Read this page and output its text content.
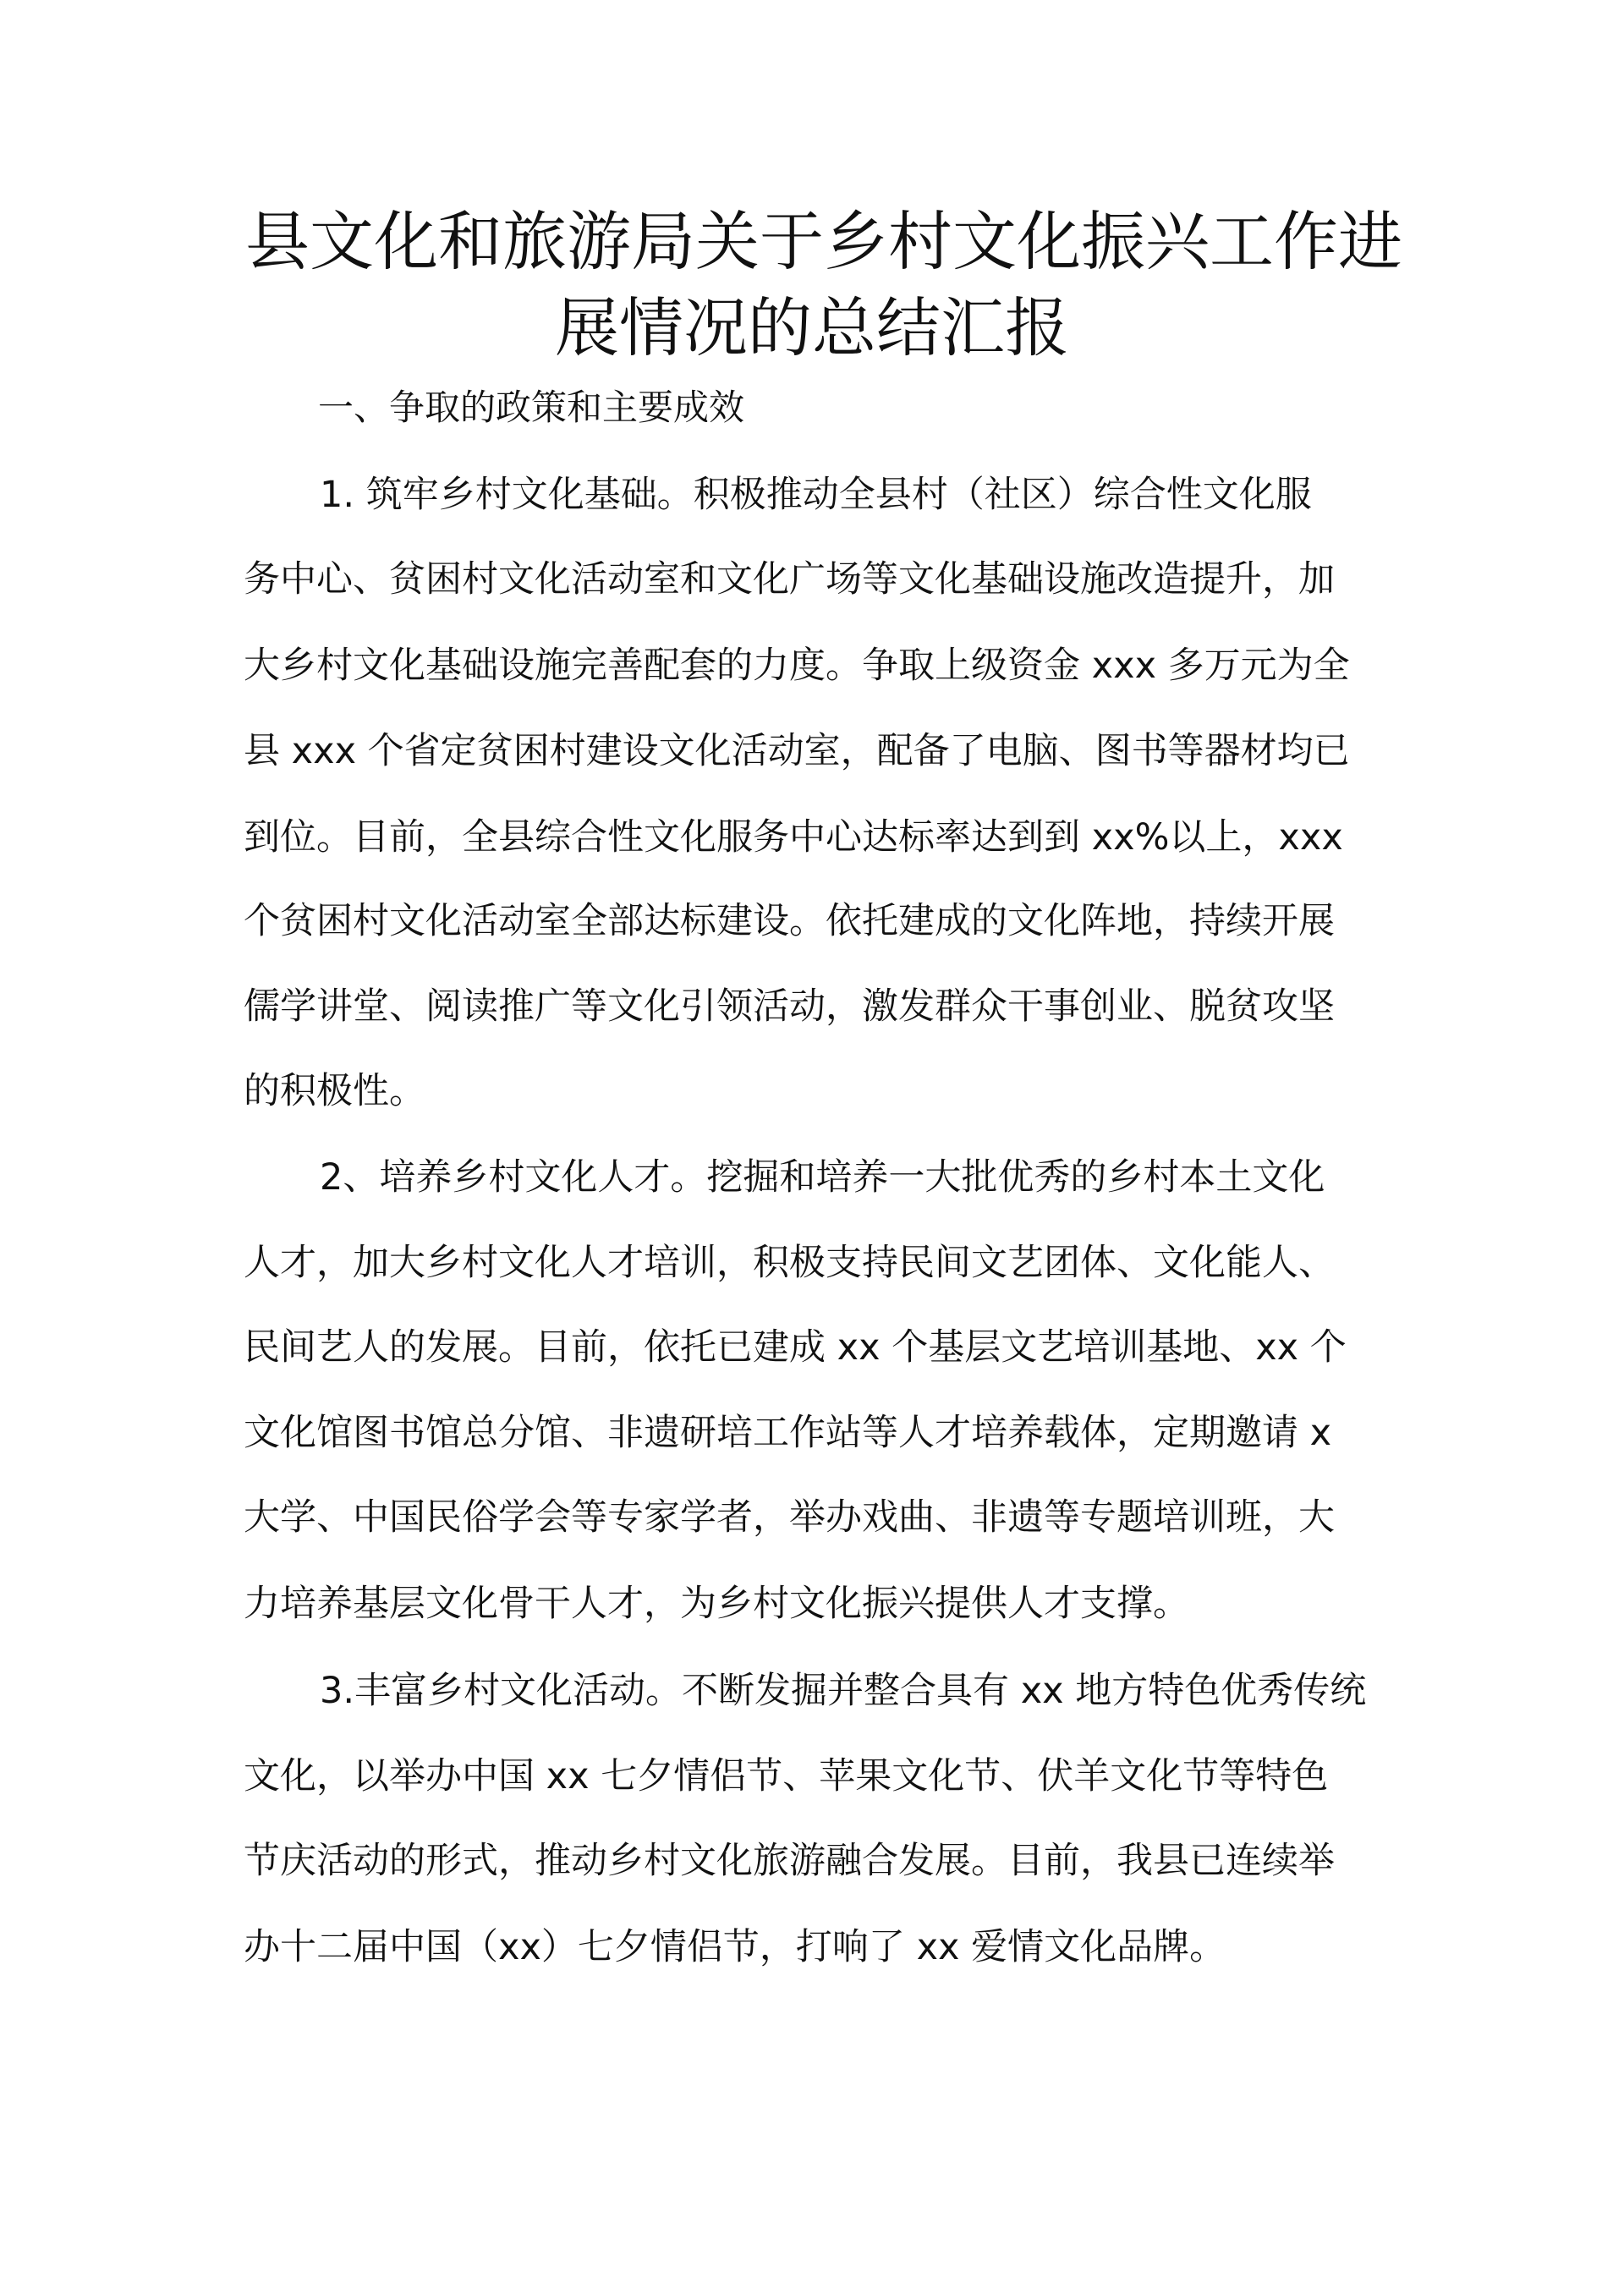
县文化和旅游局关于乡村文化振兴工作进
展情况的总结汇报
一、争取的政策和主要成效
1. 筑牢乡村文化基础。积极推动全县村（社区）综合性文化服
务中心、贫困村文化活动室和文化广场等文化基础设施改造提升，加
大乡村文化基础设施完善配套的力度。争取上级资金 xxx 多万元为全
县 xxx 个省定贫困村建设文化活动室，配备了电脑、图书等器材均已
到位。目前，全县综合性文化服务中心达标率达到到 xx%以上，xxx
个贫困村文化活动室全部达标建设。依托建成的文化阵地，持续开展
儒学讲堂、阅读推广等文化引领活动，激发群众干事创业、脱贫攻坚
的积极性。
2、培养乡村文化人才。挖掘和培养一大批优秀的乡村本土文化
人才，加大乡村文化人才培训，积极支持民间文艺团体、文化能人、
民间艺人的发展。目前，依托已建成 xx 个基层文艺培训基地、xx 个
文化馆图书馆总分馆、非遗研培工作站等人才培养载体，定期邀请 x
大学、中国民俗学会等专家学者，举办戏曲、非遗等专题培训班，大
力培养基层文化骨干人才，为乡村文化振兴提供人才支撑。
3.丰富乡村文化活动。不断发掘并整合具有 xx 地方特色优秀传统
文化，以举办中国 xx 七夕情侣节、苹果文化节、伏羊文化节等特色
节庆活动的形式，推动乡村文化旅游融合发展。目前，我县已连续举
办十二届中国（xx）七夕情侣节，打响了 xx 爱情文化品牌。
